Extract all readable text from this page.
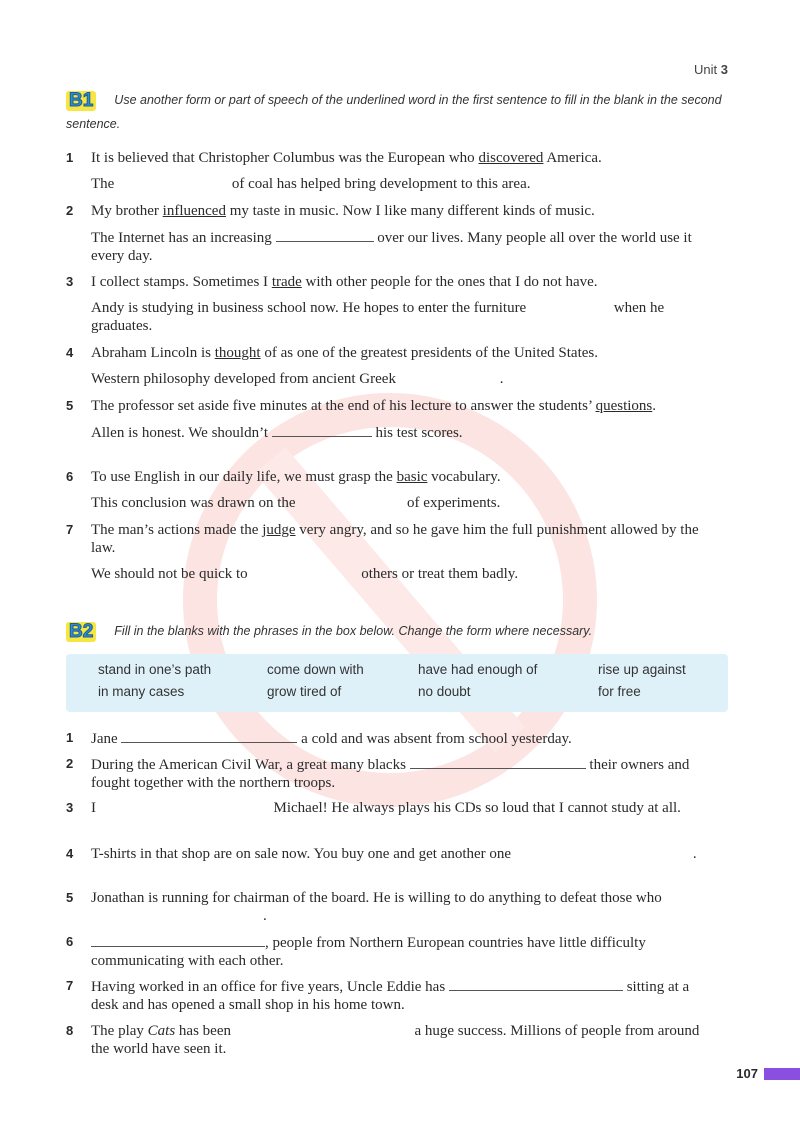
Unit 3
B1 Use another form or part of speech of the underlined word in the first sentence to fill in the blank in the second sentence.
1	It is believed that Christopher Columbus was the European who discovered America.
The	of coal has helped bring development to this area.
2	My brother influenced my taste in music. Now I like many different kinds of music.
The Internet has an increasing	over our lives. Many people all over the world use it every day.
3	I collect stamps. Sometimes I trade with other people for the ones that I do not have.
Andy is studying in business school now. He hopes to enter the furniture	when he graduates.
4	Abraham Lincoln is thought of as one of the greatest presidents of the United States.
Western philosophy developed from ancient Greek	.
5	The professor set aside five minutes at the end of his lecture to answer the students’ questions.
Allen is honest. We shouldn’t	his test scores.
6	To use English in our daily life, we must grasp the basic vocabulary.
This conclusion was drawn on the	of experiments.
7	The man’s actions made the judge very angry, and so he gave him the full punishment allowed by the law.
We should not be quick to	others or treat them badly.
B2 Fill in the blanks with the phrases in the box below. Change the form where necessary.
stand in one’s path	come down with	have had enough of	rise up against
in many cases	grow tired of	no doubt	for free
1	Jane	a cold and was absent from school yesterday.
2	During the American Civil War, a great many blacks	their owners and fought together with the northern troops.
3	I	Michael! He always plays his CDs so loud that I cannot study at all.
4	T-shirts in that shop are on sale now. You buy one and get another one	.
5	Jonathan is running for chairman of the board. He is willing to do anything to defeat those who .
6	, people from Northern European countries have little difficulty communicating with each other.
7	Having worked in an office for five years, Uncle Eddie has	sitting at a desk and has opened a small shop in his home town.
8	The play Cats has been	a huge success. Millions of people from around the world have seen it.
107
